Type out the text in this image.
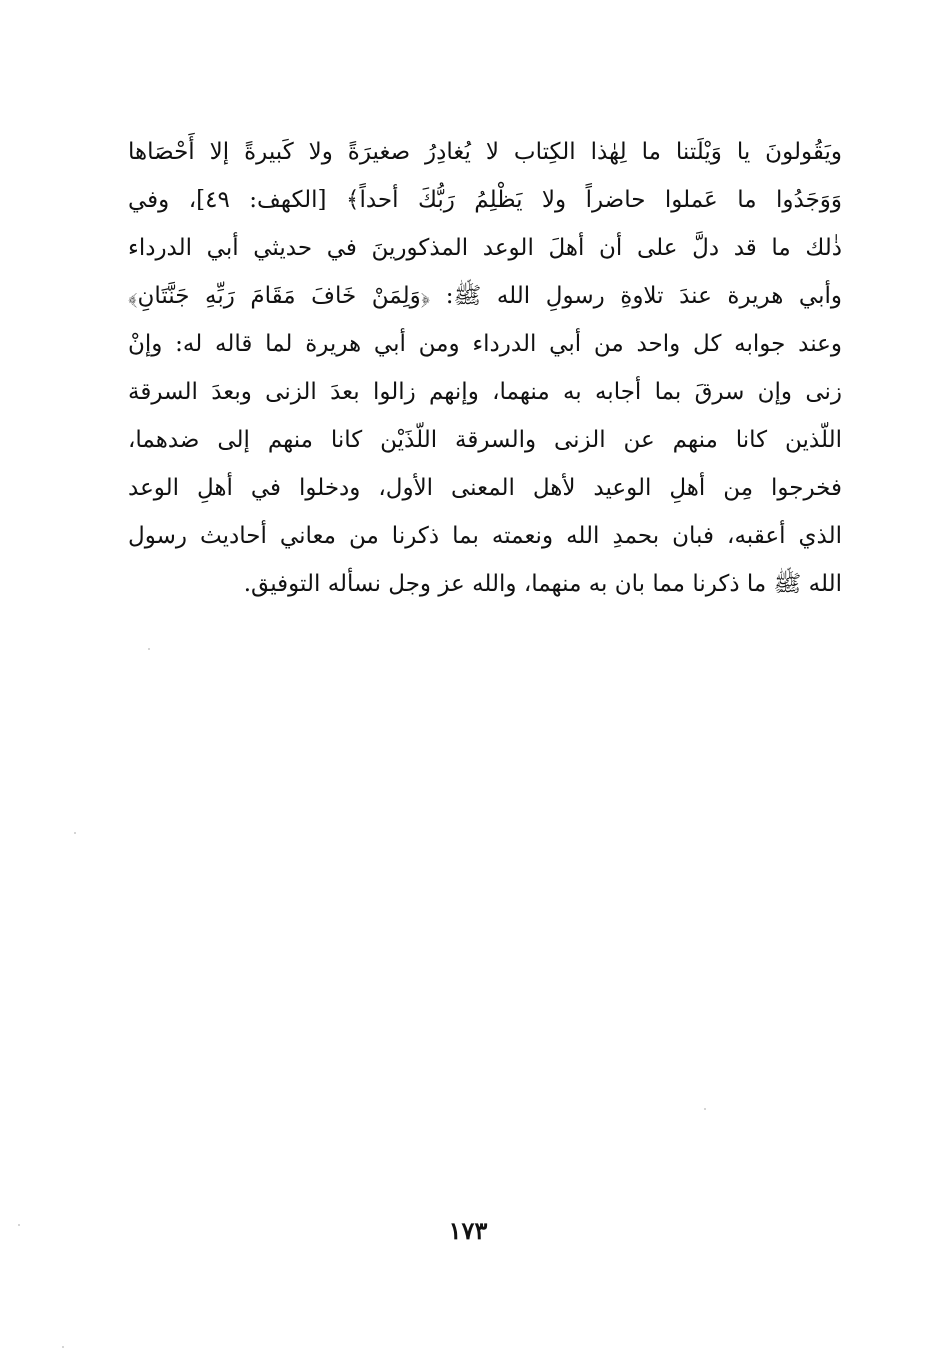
ويَقُولونَ يا وَيْلَتنا ما لِهٰذا الكِتاب لا يُغادِرُ صغيرَةً ولا كَبيرةً إلا أَحْصَاها
وَوَجَدُوا ما عَملوا حاضراً ولا يَظْلِمُ رَبُّكَ أحداً﴾ [الكهف: ٤٩]، وفي
ذٰلك ما قد دلَّ على أن أهلَ الوعد المذكورينَ في حديثي أبي الدرداء
وأبي هريرة عندَ تلاوةِ رسولِ الله ﷺ: ﴿وَلِمَنْ خَافَ مَقَامَ رَبِّهِ جَنَّتَانِ﴾
وعند جوابه كل واحد من أبي الدرداء ومن أبي هريرة لما قاله له: وإنْ
زنى وإن سرقَ بما أجابه به منهما، وإنهم زالوا بعدَ الزنى وبعدَ السرقة
اللّذين كانا منهم عن الزنى والسرقة اللّذَيْن كانا منهم إلى ضدهما،
فخرجوا مِن أهلِ الوعيد لأهل المعنى الأول، ودخلوا في أهلِ الوعد
الذي أعقبه، فبان بحمدِ الله ونعمته بما ذكرنا من معاني أحاديث رسول
الله ﷺ ما ذكرنا مما بان به منهما، والله عز وجل نسأله التوفيق.
١٧٣
